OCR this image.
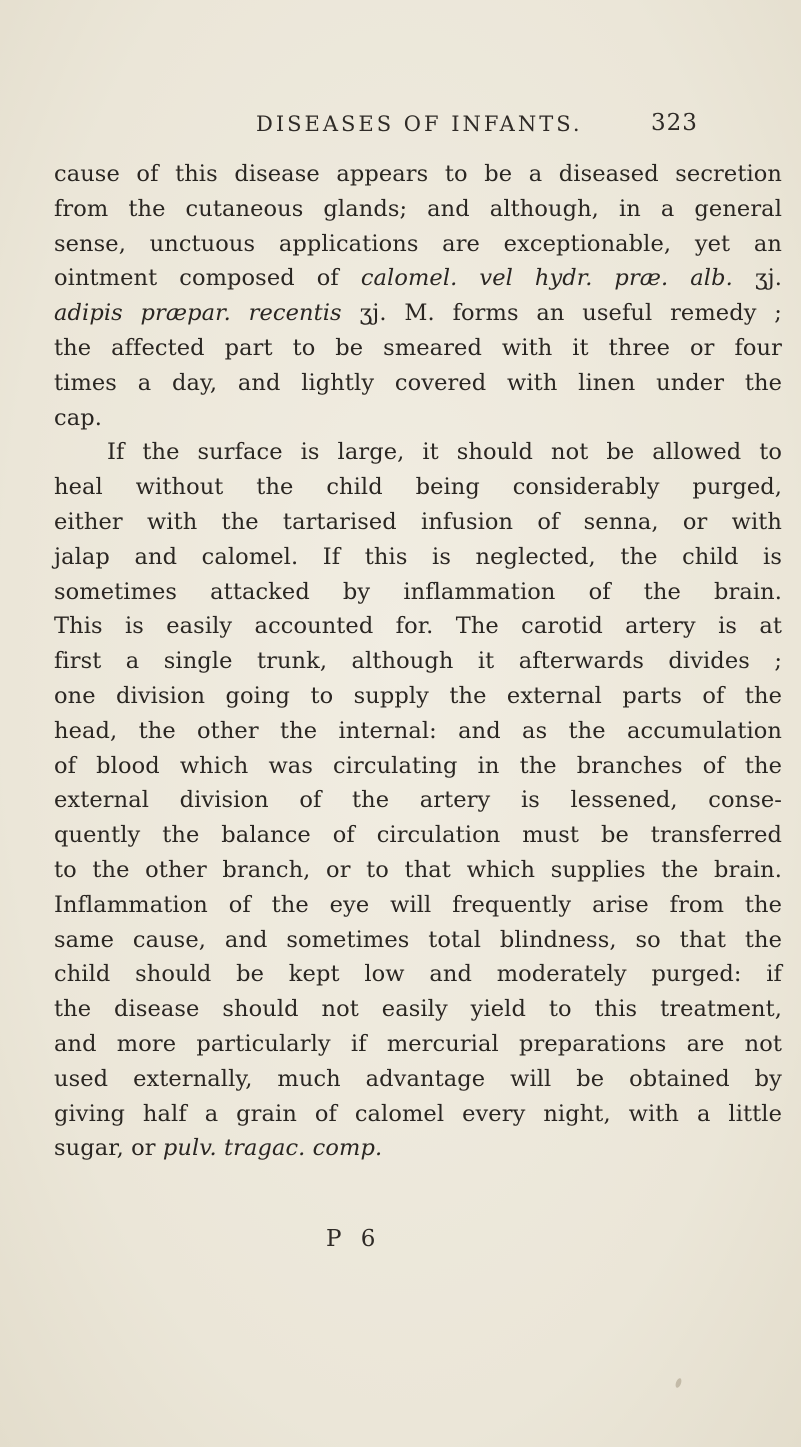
DISEASES OF INFANTS.	323
cause of this disease appears to be a diseased secretion
from the cutaneous glands; and although, in a general
sense, unctuous applications are exceptionable, yet an
ointment composed of calomel. vel hydr. præ. alb. ʒj.
adipis præpar. recentis ʒj. M. forms an useful remedy ;
the affected part to be smeared with it three or four
times a day, and lightly covered with linen under the
cap.
If the surface is large, it should not be allowed to
heal without the child being considerably purged,
either with the tartarised infusion of senna, or with
jalap and calomel. If this is neglected, the child is
sometimes attacked by inflammation of the brain.
This is easily accounted for. The carotid artery is at
first a single trunk, although it afterwards divides ;
one division going to supply the external parts of the
head, the other the internal: and as the accumulation
of blood which was circulating in the branches of the
external division of the artery is lessened, conse-
quently the balance of circulation must be transferred
to the other branch, or to that which supplies the brain.
Inflammation of the eye will frequently arise from the
same cause, and sometimes total blindness, so that the
child should be kept low and moderately purged: if
the disease should not easily yield to this treatment,
and more particularly if mercurial preparations are not
used externally, much advantage will be obtained by
giving half a grain of calomel every night, with a little
sugar, or pulv. tragac. comp.
P 6
